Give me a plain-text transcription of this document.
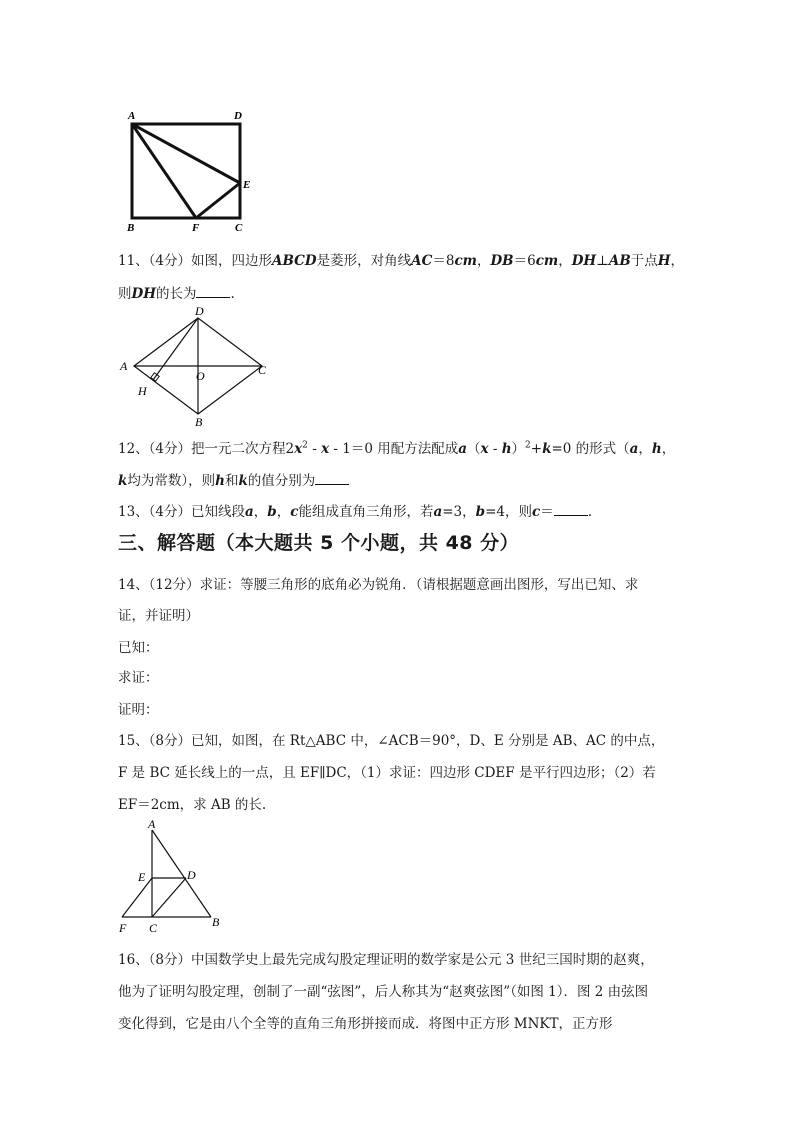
A	D
E
B	F	C
11、（4分）如图，四边形ABCD是菱形，对角线AC＝8cm，DB＝6cm，DH⊥AB于点H，
则DH的长为	.
D
A
O	C
H
B
12、（4分）把一元二次方程$2x^2 - x - 1=0$ 用配方法配成a（x - h）$^2$+k=0 的形式（a，h，
k均为常数），则h和k的值分别为
13、（4分）已知线段a，b，c能组成直角三角形，若a=3，b=4，则c＝	.
三、解答题（本大题共 5 个小题，共 48 分）
14、（12分）求证：等腰三角形的底角必为锐角．（请根据题意画出图形，写出已知、求
证，并证明）
已知：
求证：
证明：
15、（8分）已知，如图，在 Rt△ABC 中，∠ACB＝90°，D、E 分别是 AB、AC 的中点，
F 是 BC 延长线上的一点，且 EF∥DC，（1）求证：四边形 CDEF 是平行四边形；（2）若
EF＝2cm，求 AB 的长.
A
E	D
F C	B
16、（8分）中国数学史上最先完成勾股定理证明的数学家是公元 3 世纪三国时期的赵爽，
他为了证明勾股定理，创制了一副“弦图”，后人称其为“赵爽弦图”（如图 1）．图 2 由弦图
变化得到，它是由八个全等的直角三角形拼接而成．将图中正方形 MNKT，正方形
